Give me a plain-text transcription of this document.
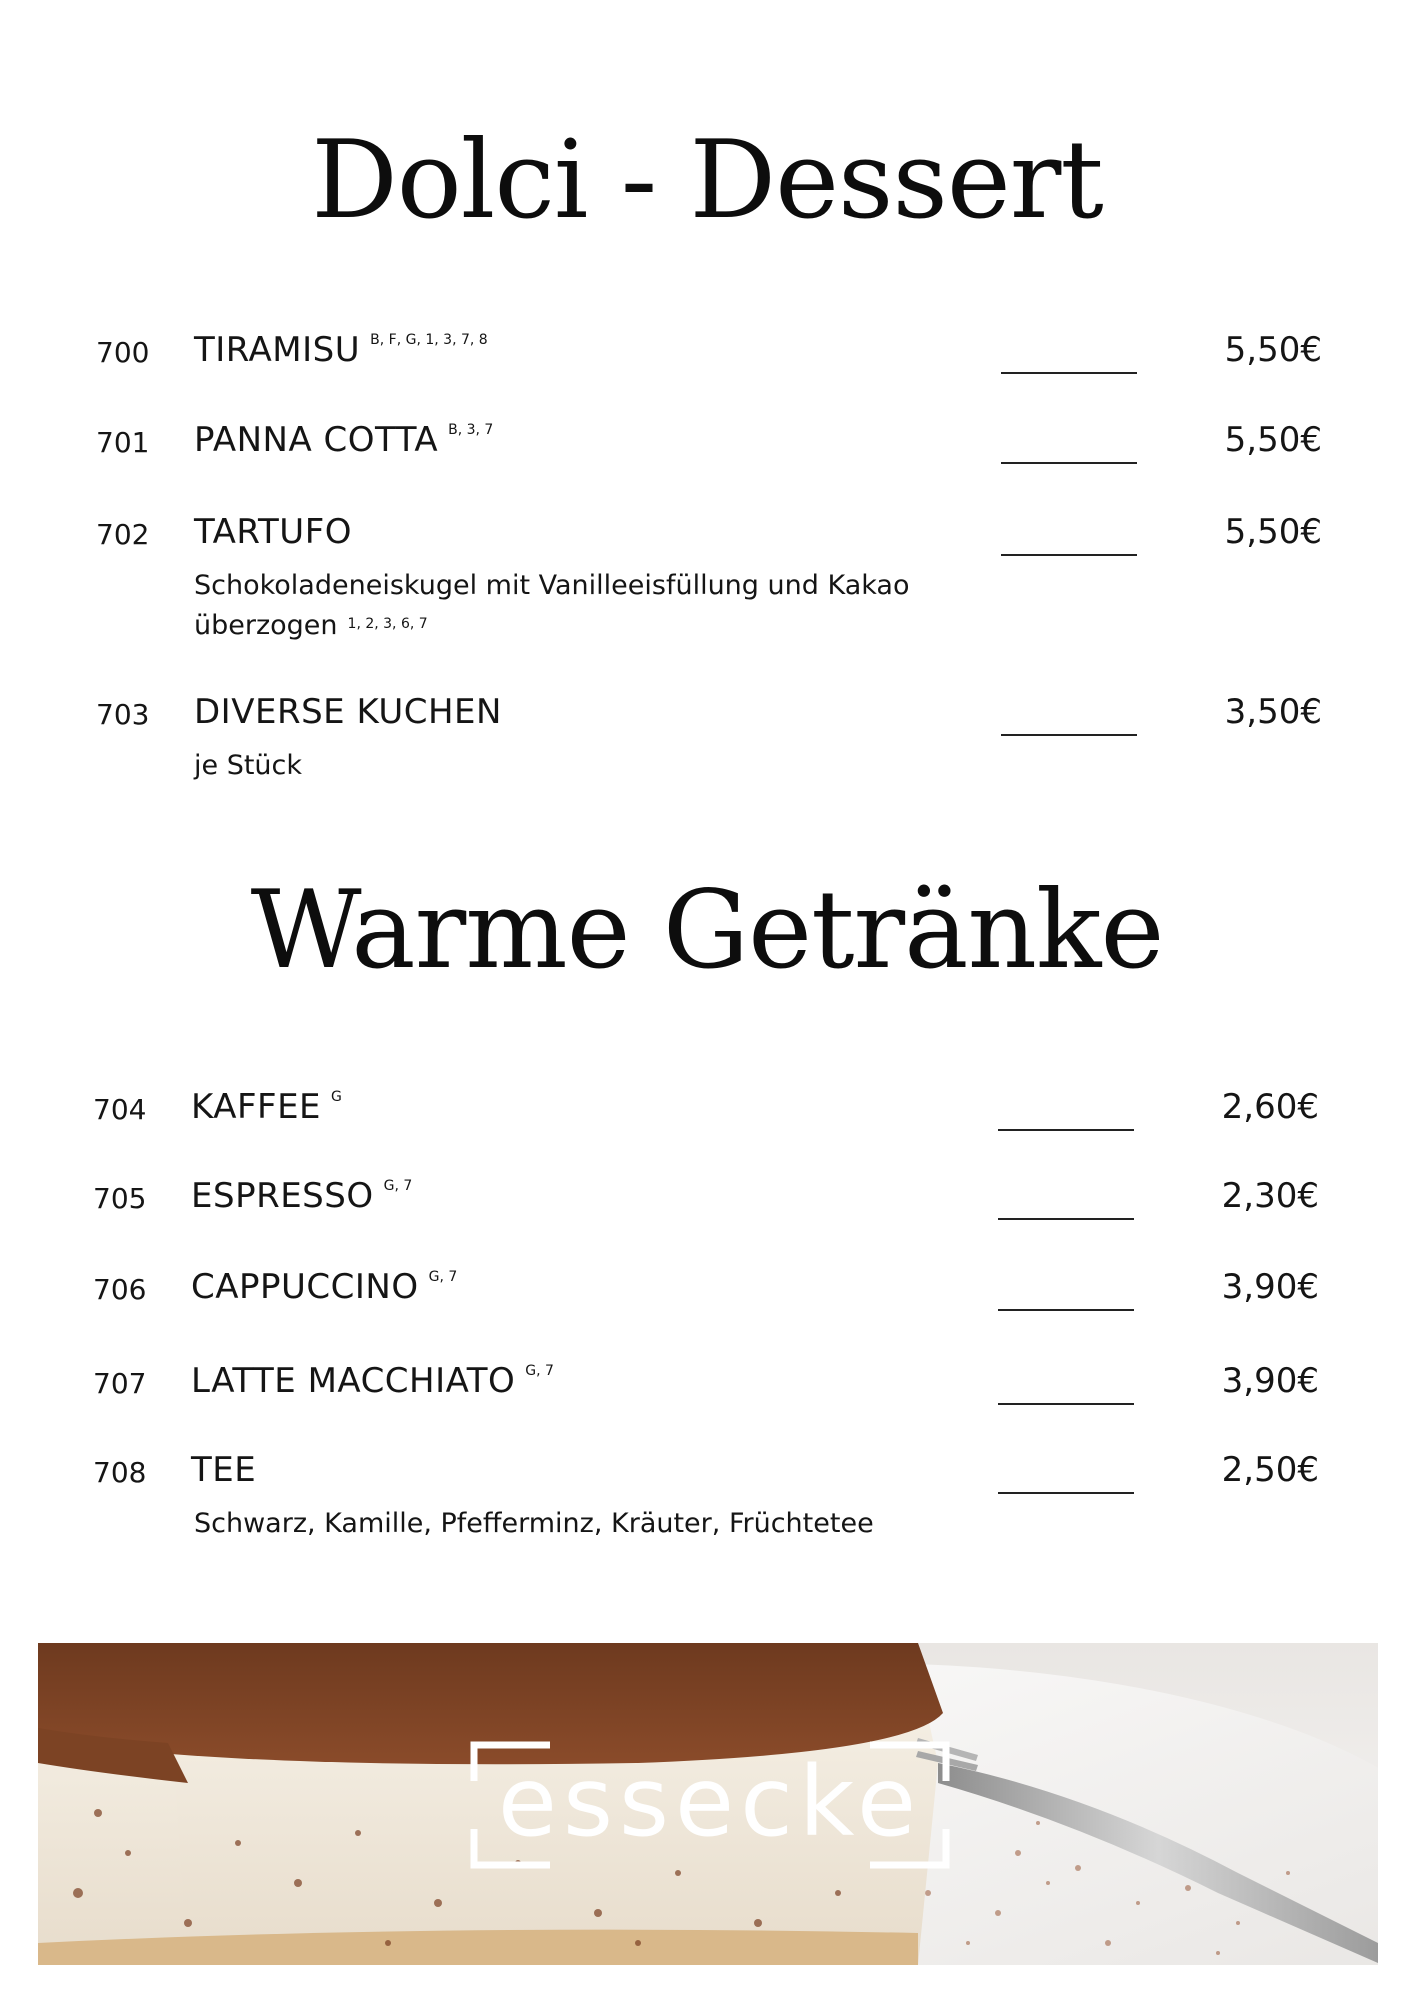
Dolci - Dessert
700 TIRAMISU $^{B, F, G, 1, 3, 7, 8}$	5,50€
701 PANNA COTTA $^{B, 3, 7}$	5,50€
702 TARTUFO	5,50€
Schokoladeneiskugel mit Vanilleeisfüllung und Kakao überzogen $^{1, 2, 3, 6, 7}$
703 DIVERSE KUCHEN	3,50€
je Stück
Warme Getränke
704 KAFFEE $^G$	2,60€
705 ESPRESSO $^{G, 7}$	2,30€
706 CAPPUCCINO $^{G, 7}$	3,90€
707 LATTE MACCHIATO $^{G, 7}$	3,90€
708 TEE	2,50€
Schwarz, Kamille, Pfefferminz, Kräuter, Früchtetee
essecke
